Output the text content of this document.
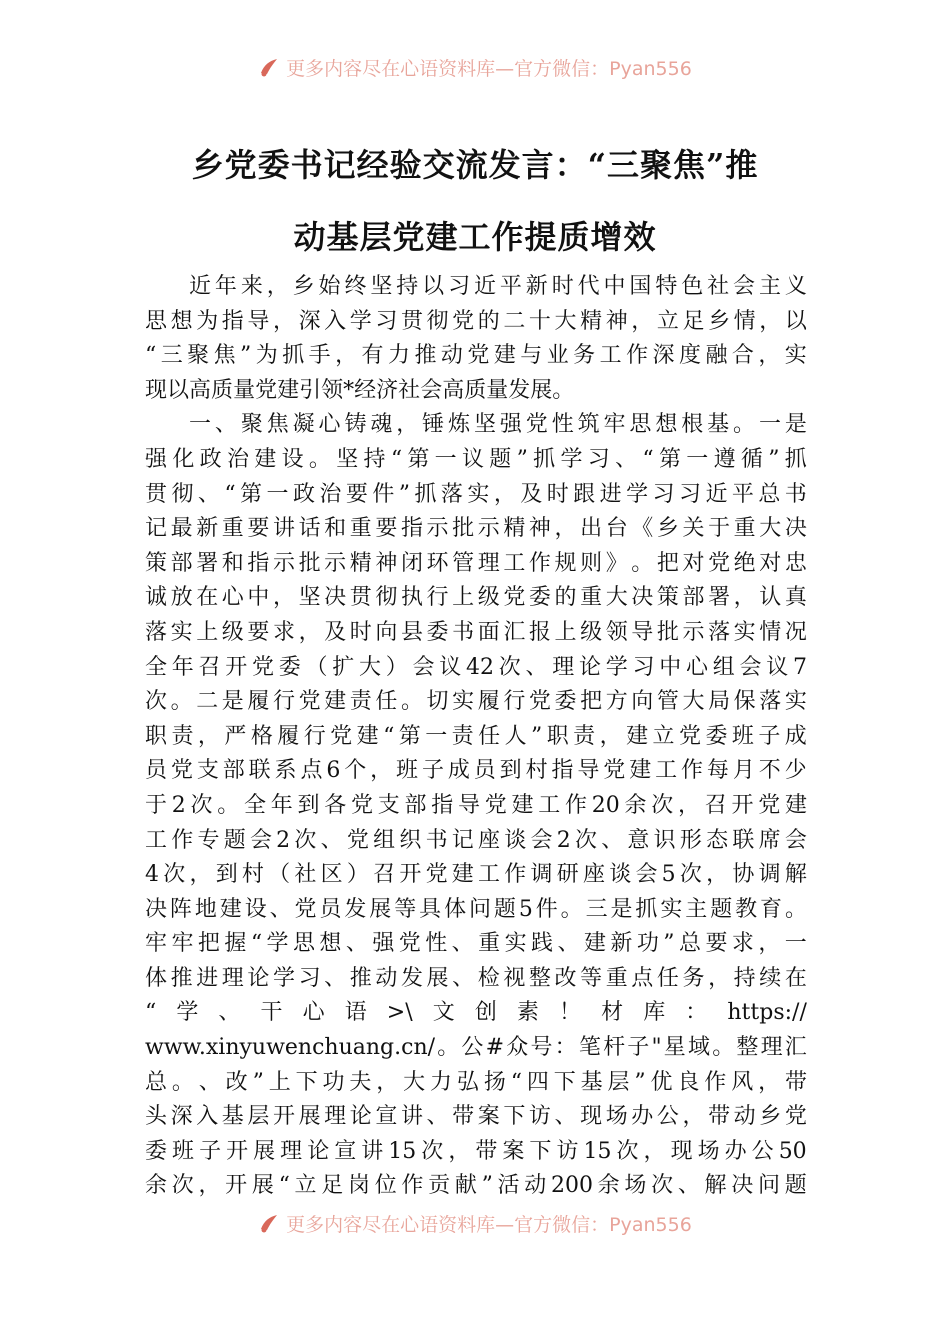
更多内容尽在心语资料库—官方微信：Pyan556
乡党委书记经验交流发言：“三聚焦”推
动基层党建工作提质增效
近 年 来 ， 乡 始 终 坚 持 以 习 近 平 新 时 代 中 国 特 色 社 会 主 义
思 想 为 指 导 ， 深 入 学 习 贯 彻 党 的 二 十 大 精 神 ， 立 足 乡 情 ， 以
“ 三 聚 焦 ” 为 抓 手 ， 有 力 推 动 党 建 与 业 务 工 作 深 度 融 合 ， 实
现 以 高 质 量 党 建 引 领 * 经 济 社 会 高 质 量 发 展 。
一 、 聚 焦 凝 心 铸 魂 ， 锤 炼 坚 强 党 性 筑 牢 思 想 根 基 。 一 是
强 化 政 治 建 设 。 坚 持 “ 第 一 议 题 ” 抓 学 习 、 “ 第 一 遵 循 ” 抓
贯 彻 、 “ 第 一 政 治 要 件 ” 抓 落 实 ， 及 时 跟 进 学 习 习 近 平 总 书
记 最 新 重 要 讲 话 和 重 要 指 示 批 示 精 神 ， 出 台 《 乡 关 于 重 大 决
策 部 署 和 指 示 批 示 精 神 闭 环 管 理 工 作 规 则 》 。 把 对 党 绝 对 忠
诚 放 在 心 中 ， 坚 决 贯 彻 执 行 上 级 党 委 的 重 大 决 策 部 署 ， 认 真
落 实 上 级 要 求 ， 及 时 向 县 委 书 面 汇 报 上 级 领 导 批 示 落 实 情 况
全 年 召 开 党 委 （ 扩 大 ） 会 议 42 次 、 理 论 学 习 中 心 组 会 议 7
次 。 二 是 履 行 党 建 责 任 。 切 实 履 行 党 委 把 方 向 管 大 局 保 落 实
职 责 ， 严 格 履 行 党 建 “ 第 一 责 任 人 ” 职 责 ， 建 立 党 委 班 子 成
员 党 支 部 联 系 点 6 个 ， 班 子 成 员 到 村 指 导 党 建 工 作 每 月 不 少
于 2 次 。 全 年 到 各 党 支 部 指 导 党 建 工 作 20 余 次 ， 召 开 党 建
工 作 专 题 会 2 次 、 党 组 织 书 记 座 谈 会 2 次 、 意 识 形 态 联 席 会
4 次 ， 到 村 （ 社 区 ） 召 开 党 建 工 作 调 研 座 谈 会 5 次 ， 协 调 解
决 阵 地 建 设 、 党 员 发 展 等 具 体 问 题 5 件 。 三 是 抓 实 主 题 教 育 。
牢 牢 把 握 “ 学 思 想 、 强 党 性 、 重 实 践 、 建 新 功 ” 总 要 求 ， 一
体 推 进 理 论 学 习 、 推 动 发 展 、 检 视 整 改 等 重 点 任 务 ， 持 续 在
“ 学 、 干 心 语 >\ 文 创 素 ！ 材 库 ： https://
www.xinyuwenchuang.cn/ 。 公 # 众 号 ： 笔 杆 子 " 星 域 。 整 理 汇
总 。 、 改 ” 上 下 功 夫 ， 大 力 弘 扬 “ 四 下 基 层 ” 优 良 作 风 ， 带
头 深 入 基 层 开 展 理 论 宣 讲 、 带 案 下 访 、 现 场 办 公 ， 带 动 乡 党
委 班 子 开 展 理 论 宣 讲 15 次 ， 带 案 下 访 15 次 ， 现 场 办 公 50
余 次 ， 开 展 “ 立 足 岗 位 作 贡 献 ” 活 动 200 余 场 次 、 解 决 问 题
更多内容尽在心语资料库—官方微信：Pyan556
